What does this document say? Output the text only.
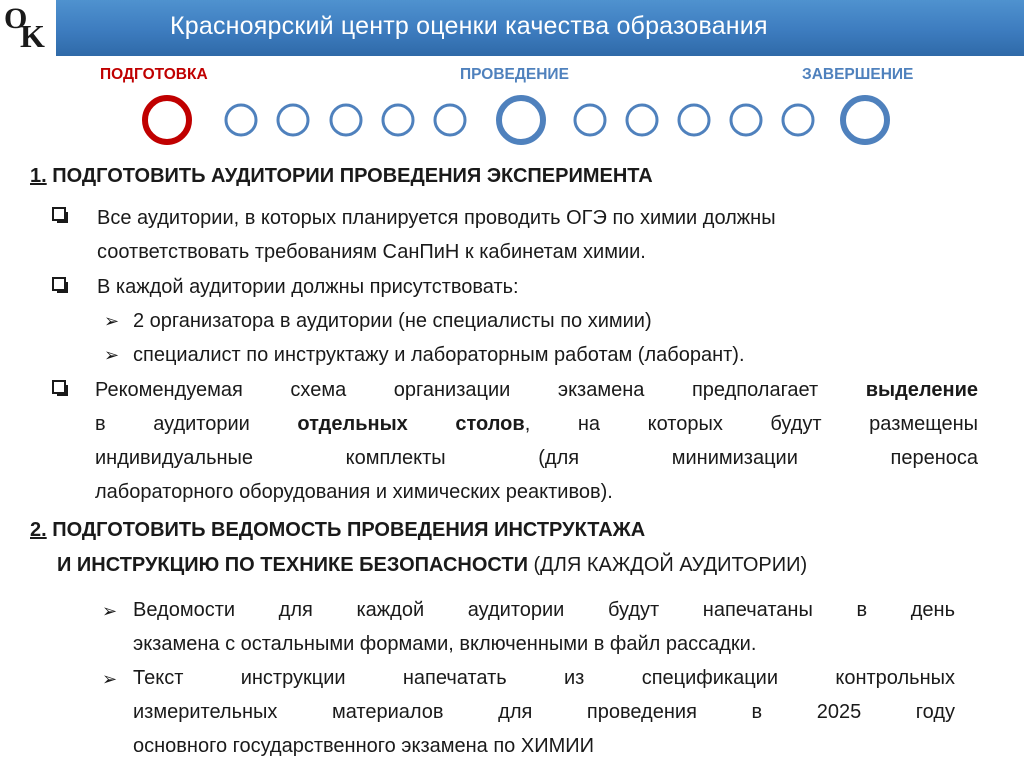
O
K	Красноярский центр оценки качества образования
ПОДГОТОВКА	ПРОВЕДЕНИЕ	ЗАВЕРШЕНИЕ
1. ПОДГОТОВИТЬ АУДИТОРИИ ПРОВЕДЕНИЯ ЭКСПЕРИМЕНТА
Все аудитории, в которых планируется проводить ОГЭ по химии должны
соответствовать требованиям СанПиН к кабинетам химии.
В каждой аудитории должны присутствовать:
➢ 2 организатора в аудитории (не специалисты по химии)
➢ специалист по инструктажу и лабораторным работам (лаборант).
Рекомендуемая схема организации экзамена предполагает выделение
в аудитории отдельных столов, на которых будут размещены
индивидуальные комплекты (для минимизации переноса
лабораторного оборудования и химических реактивов).
2. ПОДГОТОВИТЬ ВЕДОМОСТЬ ПРОВЕДЕНИЯ ИНСТРУКТАЖА
И ИНСТРУКЦИЮ ПО ТЕХНИКЕ БЕЗОПАСНОСТИ (ДЛЯ КАЖДОЙ АУДИТОРИИ)
➢ Ведомости для каждой аудитории будут напечатаны в день
экзамена с остальными формами, включенными в файл рассадки.
➢ Текст инструкции напечатать из спецификации контрольных
измерительных материалов для проведения в 2025 году
основного государственного экзамена по ХИМИИ
